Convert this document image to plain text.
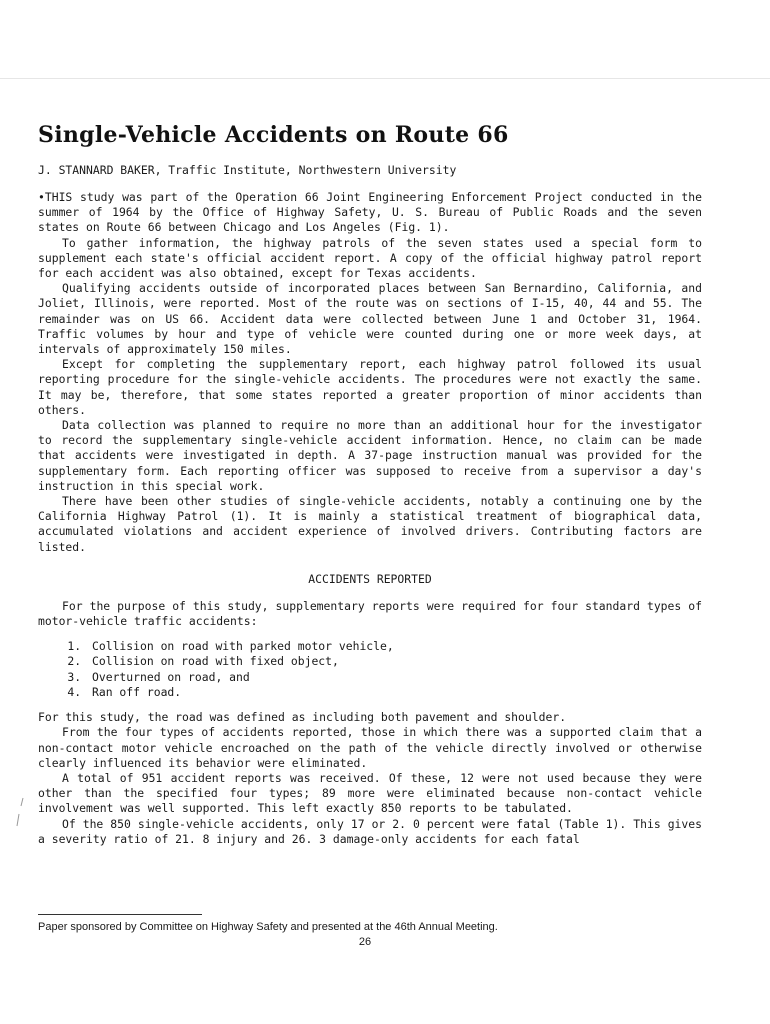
Single-Vehicle Accidents on Route 66
J. STANNARD BAKER, Traffic Institute, Northwestern University

•THIS study was part of the Operation 66 Joint Engineering Enforcement Project conducted in the summer of 1964 by the Office of Highway Safety, U. S. Bureau of Public Roads and the seven states on Route 66 between Chicago and Los Angeles (Fig. 1).

To gather information, the highway patrols of the seven states used a special form to supplement each state's official accident report. A copy of the official highway patrol report for each accident was also obtained, except for Texas accidents.

Qualifying accidents outside of incorporated places between San Bernardino, California, and Joliet, Illinois, were reported. Most of the route was on sections of I-15, 40, 44 and 55. The remainder was on US 66. Accident data were collected between June 1 and October 31, 1964. Traffic volumes by hour and type of vehicle were counted during one or more week days, at intervals of approximately 150 miles.

Except for completing the supplementary report, each highway patrol followed its usual reporting procedure for the single-vehicle accidents. The procedures were not exactly the same. It may be, therefore, that some states reported a greater proportion of minor accidents than others.

Data collection was planned to require no more than an additional hour for the investigator to record the supplementary single-vehicle accident information. Hence, no claim can be made that accidents were investigated in depth. A 37-page instruction manual was provided for the supplementary form. Each reporting officer was supposed to receive from a supervisor a day's instruction in this special work.

There have been other studies of single-vehicle accidents, notably a continuing one by the California Highway Patrol (1). It is mainly a statistical treatment of biographical data, accumulated violations and accident experience of involved drivers. Contributing factors are listed.

ACCIDENTS REPORTED

For the purpose of this study, supplementary reports were required for four standard types of motor-vehicle traffic accidents:

1. Collision on road with parked motor vehicle,
2. Collision on road with fixed object,
3. Overturned on road, and
4. Ran off road.

For this study, the road was defined as including both pavement and shoulder.

From the four types of accidents reported, those in which there was a supported claim that a non-contact motor vehicle encroached on the path of the vehicle directly involved or otherwise clearly influenced its behavior were eliminated.

A total of 951 accident reports was received. Of these, 12 were not used because they were other than the specified four types; 89 more were eliminated because non-contact vehicle involvement was well supported. This left exactly 850 reports to be tabulated.

Of the 850 single-vehicle accidents, only 17 or 2. 0 percent were fatal (Table 1). This gives a severity ratio of 21. 8 injury and 26. 3 damage-only accidents for each fatal

Paper sponsored by Committee on Highway Safety and presented at the 46th Annual Meeting.
26
